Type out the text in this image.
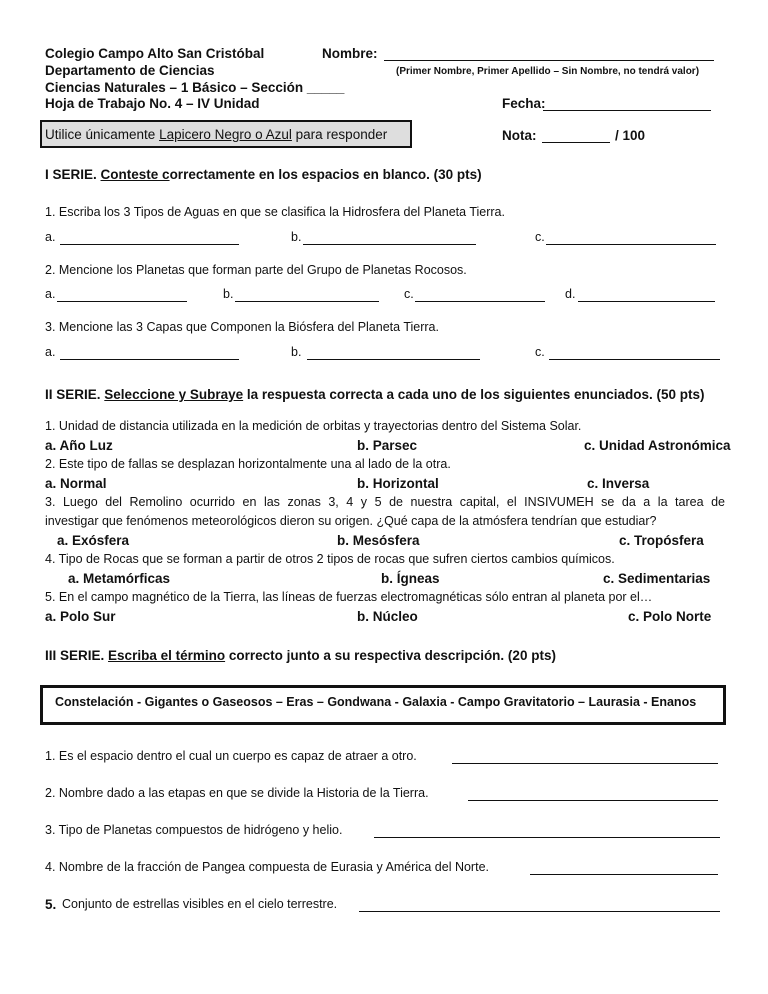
Colegio Campo Alto San Cristóbal
Departamento de Ciencias
Ciencias Naturales – 1 Básico – Sección _____
Hoja de Trabajo No. 4 – IV Unidad
Nombre:
(Primer Nombre, Primer Apellido – Sin Nombre, no tendrá valor)
Fecha:
Utilice únicamente Lapicero Negro o Azul para responder	Nota:	/ 100
I SERIE. Conteste correctamente en los espacios en blanco. (30 pts)
1. Escriba los 3 Tipos de Aguas en que se clasifica la Hidrosfera del Planeta Tierra.
a.	b.	c.
2. Mencione los Planetas que forman parte del Grupo de Planetas Rocosos.
a.	b.	c.	d.
3. Mencione las 3 Capas que Componen la Biósfera del Planeta Tierra.
a.	b.	c.
II SERIE. Seleccione y Subraye la respuesta correcta a cada uno de los siguientes enunciados. (50 pts)
1. Unidad de distancia utilizada en la medición de orbitas y trayectorias dentro del Sistema Solar.
a. Año Luz	b. Parsec	c. Unidad Astronómica
2. Este tipo de fallas se desplazan horizontalmente una al lado de la otra.
a. Normal	b. Horizontal	c. Inversa
3. Luego del Remolino ocurrido en las zonas 3, 4 y 5 de nuestra capital, el INSIVUMEH se da a la tarea de
investigar que fenómenos meteorológicos dieron su origen. ¿Qué capa de la atmósfera tendrían que estudiar?
a. Exósfera	b. Mesósfera	c. Tropósfera
4. Tipo de Rocas que se forman a partir de otros 2 tipos de rocas que sufren ciertos cambios químicos.
a. Metamórficas	b. Ígneas	c. Sedimentarias
5. En el campo magnético de la Tierra, las líneas de fuerzas electromagnéticas sólo entran al planeta por el…
a. Polo Sur	b. Núcleo	c. Polo Norte
III SERIE. Escriba el término correcto junto a su respectiva descripción. (20 pts)
Constelación - Gigantes o Gaseosos – Eras – Gondwana - Galaxia - Campo Gravitatorio – Laurasia - Enanos
1. Es el espacio dentro el cual un cuerpo es capaz de atraer a otro.
2. Nombre dado a las etapas en que se divide la Historia de la Tierra.
3. Tipo de Planetas compuestos de hidrógeno y helio.
4. Nombre de la fracción de Pangea compuesta de Eurasia y América del Norte.
5. Conjunto de estrellas visibles en el cielo terrestre.
